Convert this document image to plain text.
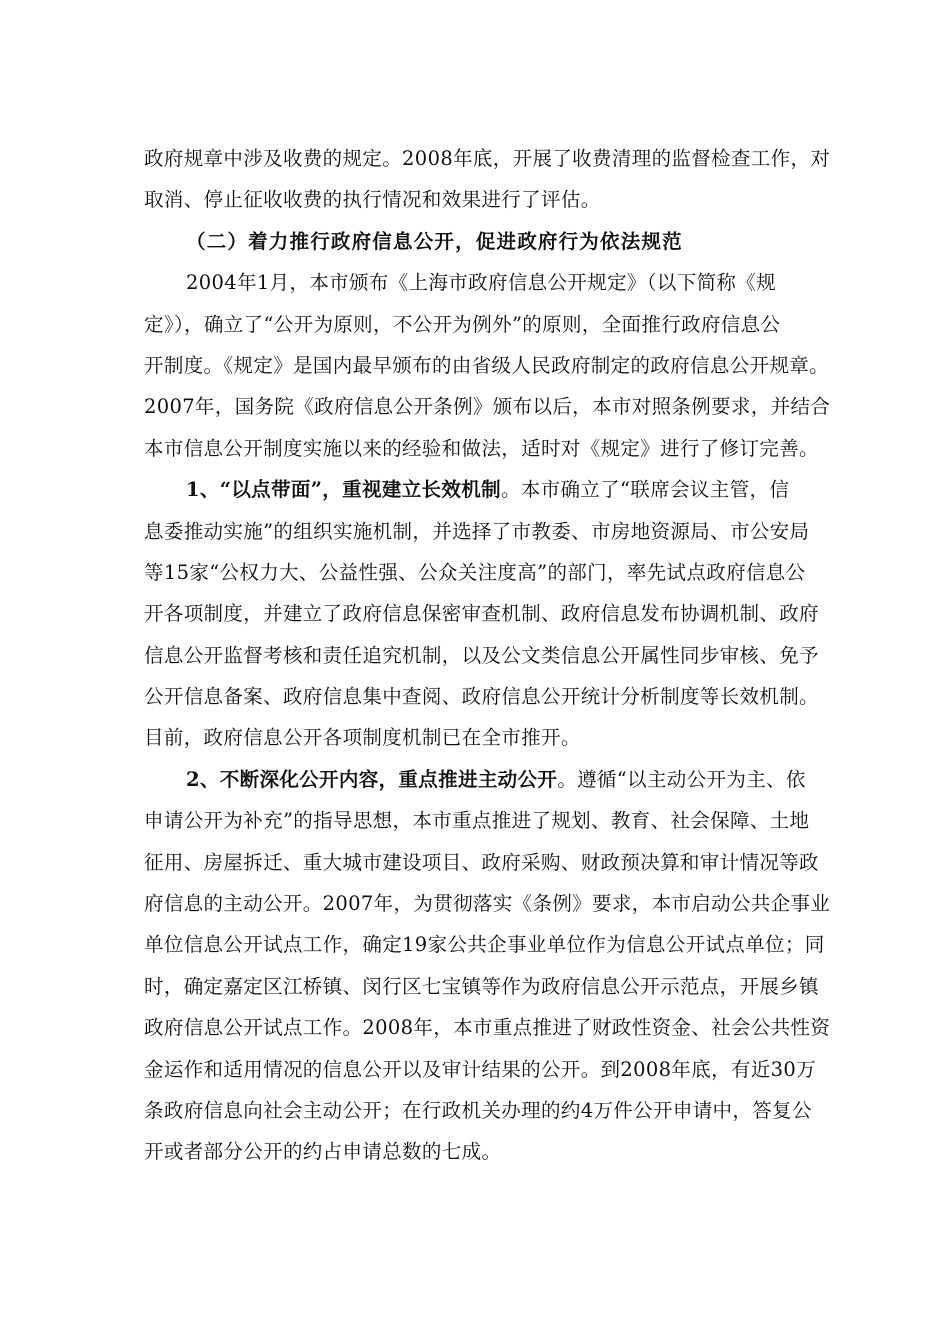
政府规章中涉及收费的规定。2008年底，开展了收费清理的监督检查工作，对
取消、停止征收收费的执行情况和效果进行了评估。
（二）着力推行政府信息公开，促进政府行为依法规范
2004年1月，本市颁布《上海市政府信息公开规定》（以下简称《规
定》），确立了“公开为原则，不公开为例外”的原则，全面推行政府信息公
开制度。《规定》是国内最早颁布的由省级人民政府制定的政府信息公开规章。
2007年，国务院《政府信息公开条例》颁布以后，本市对照条例要求，并结合
本市信息公开制度实施以来的经验和做法，适时对《规定》进行了修订完善。
1、“以点带面”，重视建立长效机制。本市确立了“联席会议主管，信
息委推动实施”的组织实施机制，并选择了市教委、市房地资源局、市公安局
等15家“公权力大、公益性强、公众关注度高”的部门，率先试点政府信息公
开各项制度，并建立了政府信息保密审查机制、政府信息发布协调机制、政府
信息公开监督考核和责任追究机制，以及公文类信息公开属性同步审核、免予
公开信息备案、政府信息集中查阅、政府信息公开统计分析制度等长效机制。
目前，政府信息公开各项制度机制已在全市推开。
2、不断深化公开内容，重点推进主动公开。遵循“以主动公开为主、依
申请公开为补充”的指导思想，本市重点推进了规划、教育、社会保障、土地
征用、房屋拆迁、重大城市建设项目、政府采购、财政预决算和审计情况等政
府信息的主动公开。2007年，为贯彻落实《条例》要求，本市启动公共企事业
单位信息公开试点工作，确定19家公共企事业单位作为信息公开试点单位；同
时，确定嘉定区江桥镇、闵行区七宝镇等作为政府信息公开示范点，开展乡镇
政府信息公开试点工作。2008年，本市重点推进了财政性资金、社会公共性资
金运作和适用情况的信息公开以及审计结果的公开。到2008年底，有近30万
条政府信息向社会主动公开；在行政机关办理的约4万件公开申请中，答复公
开或者部分公开的约占申请总数的七成。
